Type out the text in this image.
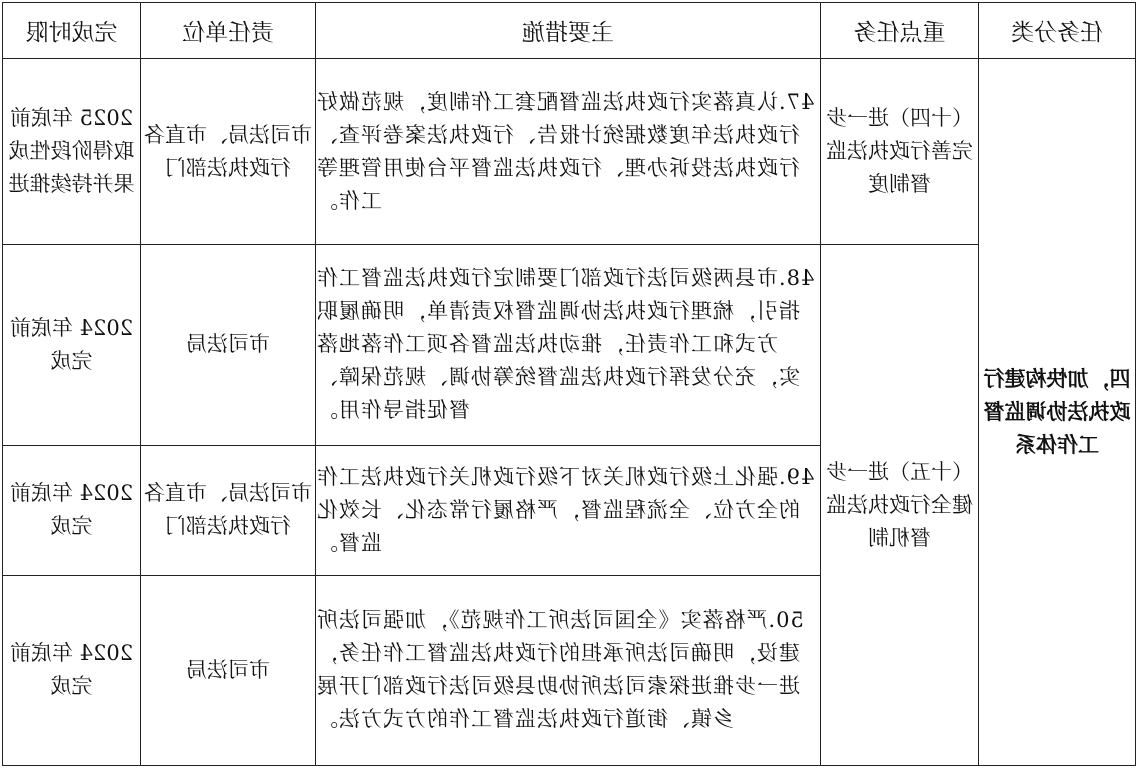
完成时限	责任单位	主要措施	重点任务	任务分类

2025 年底前取得阶段性成果并持续推进	市司法局、市直各行政执法部门	47.认真落实行政执法监督配套工作制度，规范做好行政执法年度数据统计报告、行政执法案卷评查、行政执法投诉办理、行政执法监督平台使用管理等工作。	（十四）进一步完善行政执法监督制度	四，加快构建行政执法协调监督工作体系

2024 年底前完成	市司法局	48.市县两级司法行政部门要制定行政执法监督工作指引，梳理行政执法协调监督权责清单，明确履职方式和工作责任，推动执法监督各项工作落地落实，充分发挥行政执法监督统筹协调、规范保障、督促指导作用。	（十五）进一步健全行政执法监督机制	

2024 年底前完成	市司法局、市直各行政执法部门	49.强化上级行政机关对下级行政机关行政执法工作的全方位、全流程监督，严格履行常态化、长效化监督。		

2024 年底前完成	市司法局	50.严格落实《全国司法所工作规范》，加强司法所建设，明确司法所承担的行政执法监督工作任务，进一步推进探索司法所协助县级司法行政部门开展乡镇、街道行政执法监督工作的方式方法。		
